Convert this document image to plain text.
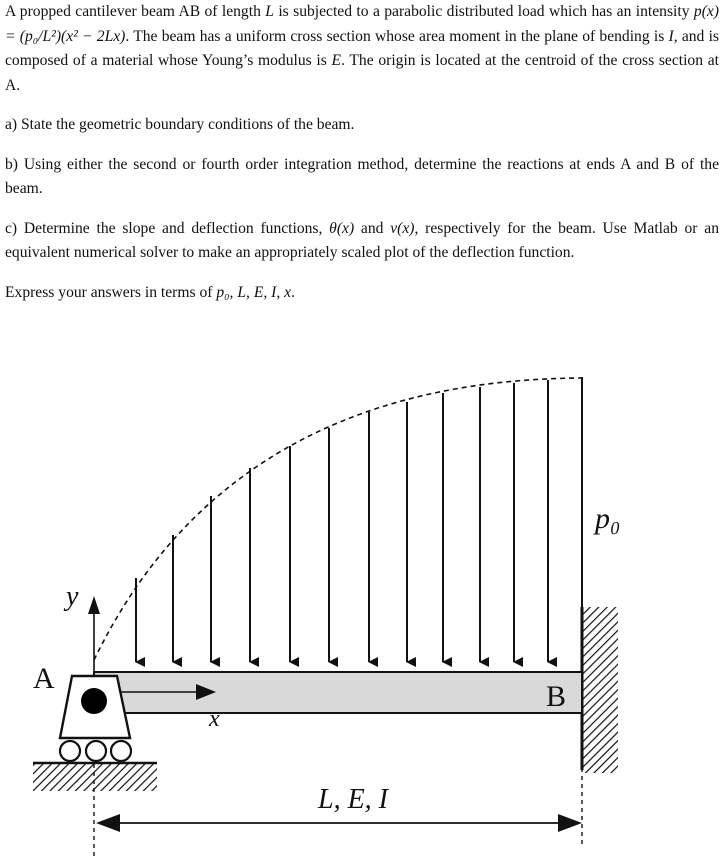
A propped cantilever beam AB of length L is subjected to a parabolic distributed load which has an intensity p(x) = (p₀/L²)(x² − 2Lx). The beam has a uniform cross section whose area moment in the plane of bending is I, and is composed of a material whose Young’s modulus is E. The origin is located at the centroid of the cross section at A.

a) State the geometric boundary conditions of the beam.

b) Using either the second or fourth order integration method, determine the reactions at ends A and B of the beam.

c) Determine the slope and deflection functions, θ(x) and v(x), respectively for the beam. Use Matlab or an equivalent numerical solver to make an appropriately scaled plot of the deflection function.

Express your answers in terms of p₀, L, E, I, x.

y
p₀
B
x
A
L, E, I
